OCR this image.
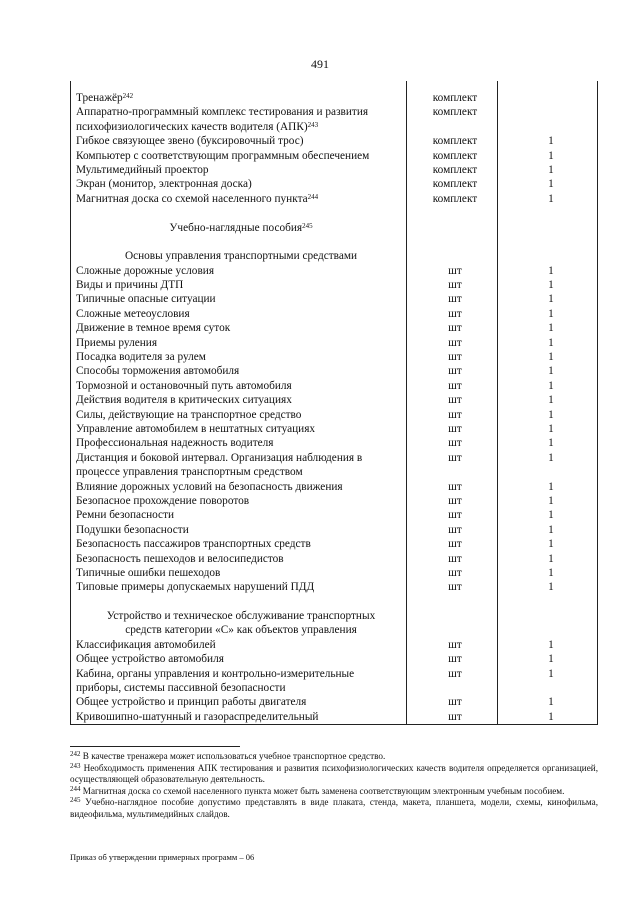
491
Тренажёр$^{242}$	комплект
Аппаратно-программный комплекс тестирования и развития
психофизиологических качеств водителя (АПК)$^{243}$
комплект
Гибкое связующее звено (буксировочный трос)	комплект	1
Компьютер с соответствующим программным обеспечением	комплект	1
Мультимедийный проектор	комплект	1
Экран (монитор, электронная доска)	комплект	1
Магнитная доска со схемой населенного пункта$^{244}$	комплект	1
Учебно-наглядные пособия$^{245}$
Основы управления транспортными средствами
Сложные дорожные условия	шт	1
Виды и причины ДТП	шт	1
Типичные опасные ситуации	шт	1
Сложные метеоусловия	шт	1
Движение в темное время суток	шт	1
Приемы руления	шт	1
Посадка водителя за рулем	шт	1
Способы торможения автомобиля	шт	1
Тормозной и остановочный путь автомобиля	шт	1
Действия водителя в критических ситуациях	шт	1
Силы, действующие на транспортное средство	шт	1
Управление автомобилем в нештатных ситуациях	шт	1
Профессиональная надежность водителя	шт	1
Дистанция и боковой интервал. Организация наблюдения в
процессе управления транспортным средством
шт	1
Влияние дорожных условий на безопасность движения	шт	1
Безопасное прохождение поворотов	шт	1
Ремни безопасности	шт	1
Подушки безопасности	шт	1
Безопасность пассажиров транспортных средств	шт	1
Безопасность пешеходов и велосипедистов	шт	1
Типичные ошибки пешеходов	шт	1
Типовые примеры допускаемых нарушений ПДД	шт	1
Устройство и техническое обслуживание транспортных
средств категории «С» как объектов управления
Классификация автомобилей	шт	1
Общее устройство автомобиля	шт	1
Кабина, органы управления и контрольно-измерительные
приборы, системы пассивной безопасности
шт	1
Общее устройство и принцип работы двигателя	шт	1
Кривошипно-шатунный и газораспределительный	шт	1

$^{242}$ В качестве тренажера может использоваться учебное транспортное средство.

$^{243}$ Необходимость применения АПК тестирования и развития психофизиологических качеств водителя определяется организацией, осуществляющей образовательную деятельность.

$^{244}$ Магнитная доска со схемой населенного пункта может быть заменена соответствующим электронным учебным пособием.

$^{245}$ Учебно-наглядное пособие допустимо представлять в виде плаката, стенда, макета, планшета, модели, схемы, кинофильма, видеофильма, мультимедийных слайдов.

Приказ об утверждении примерных программ – 06
